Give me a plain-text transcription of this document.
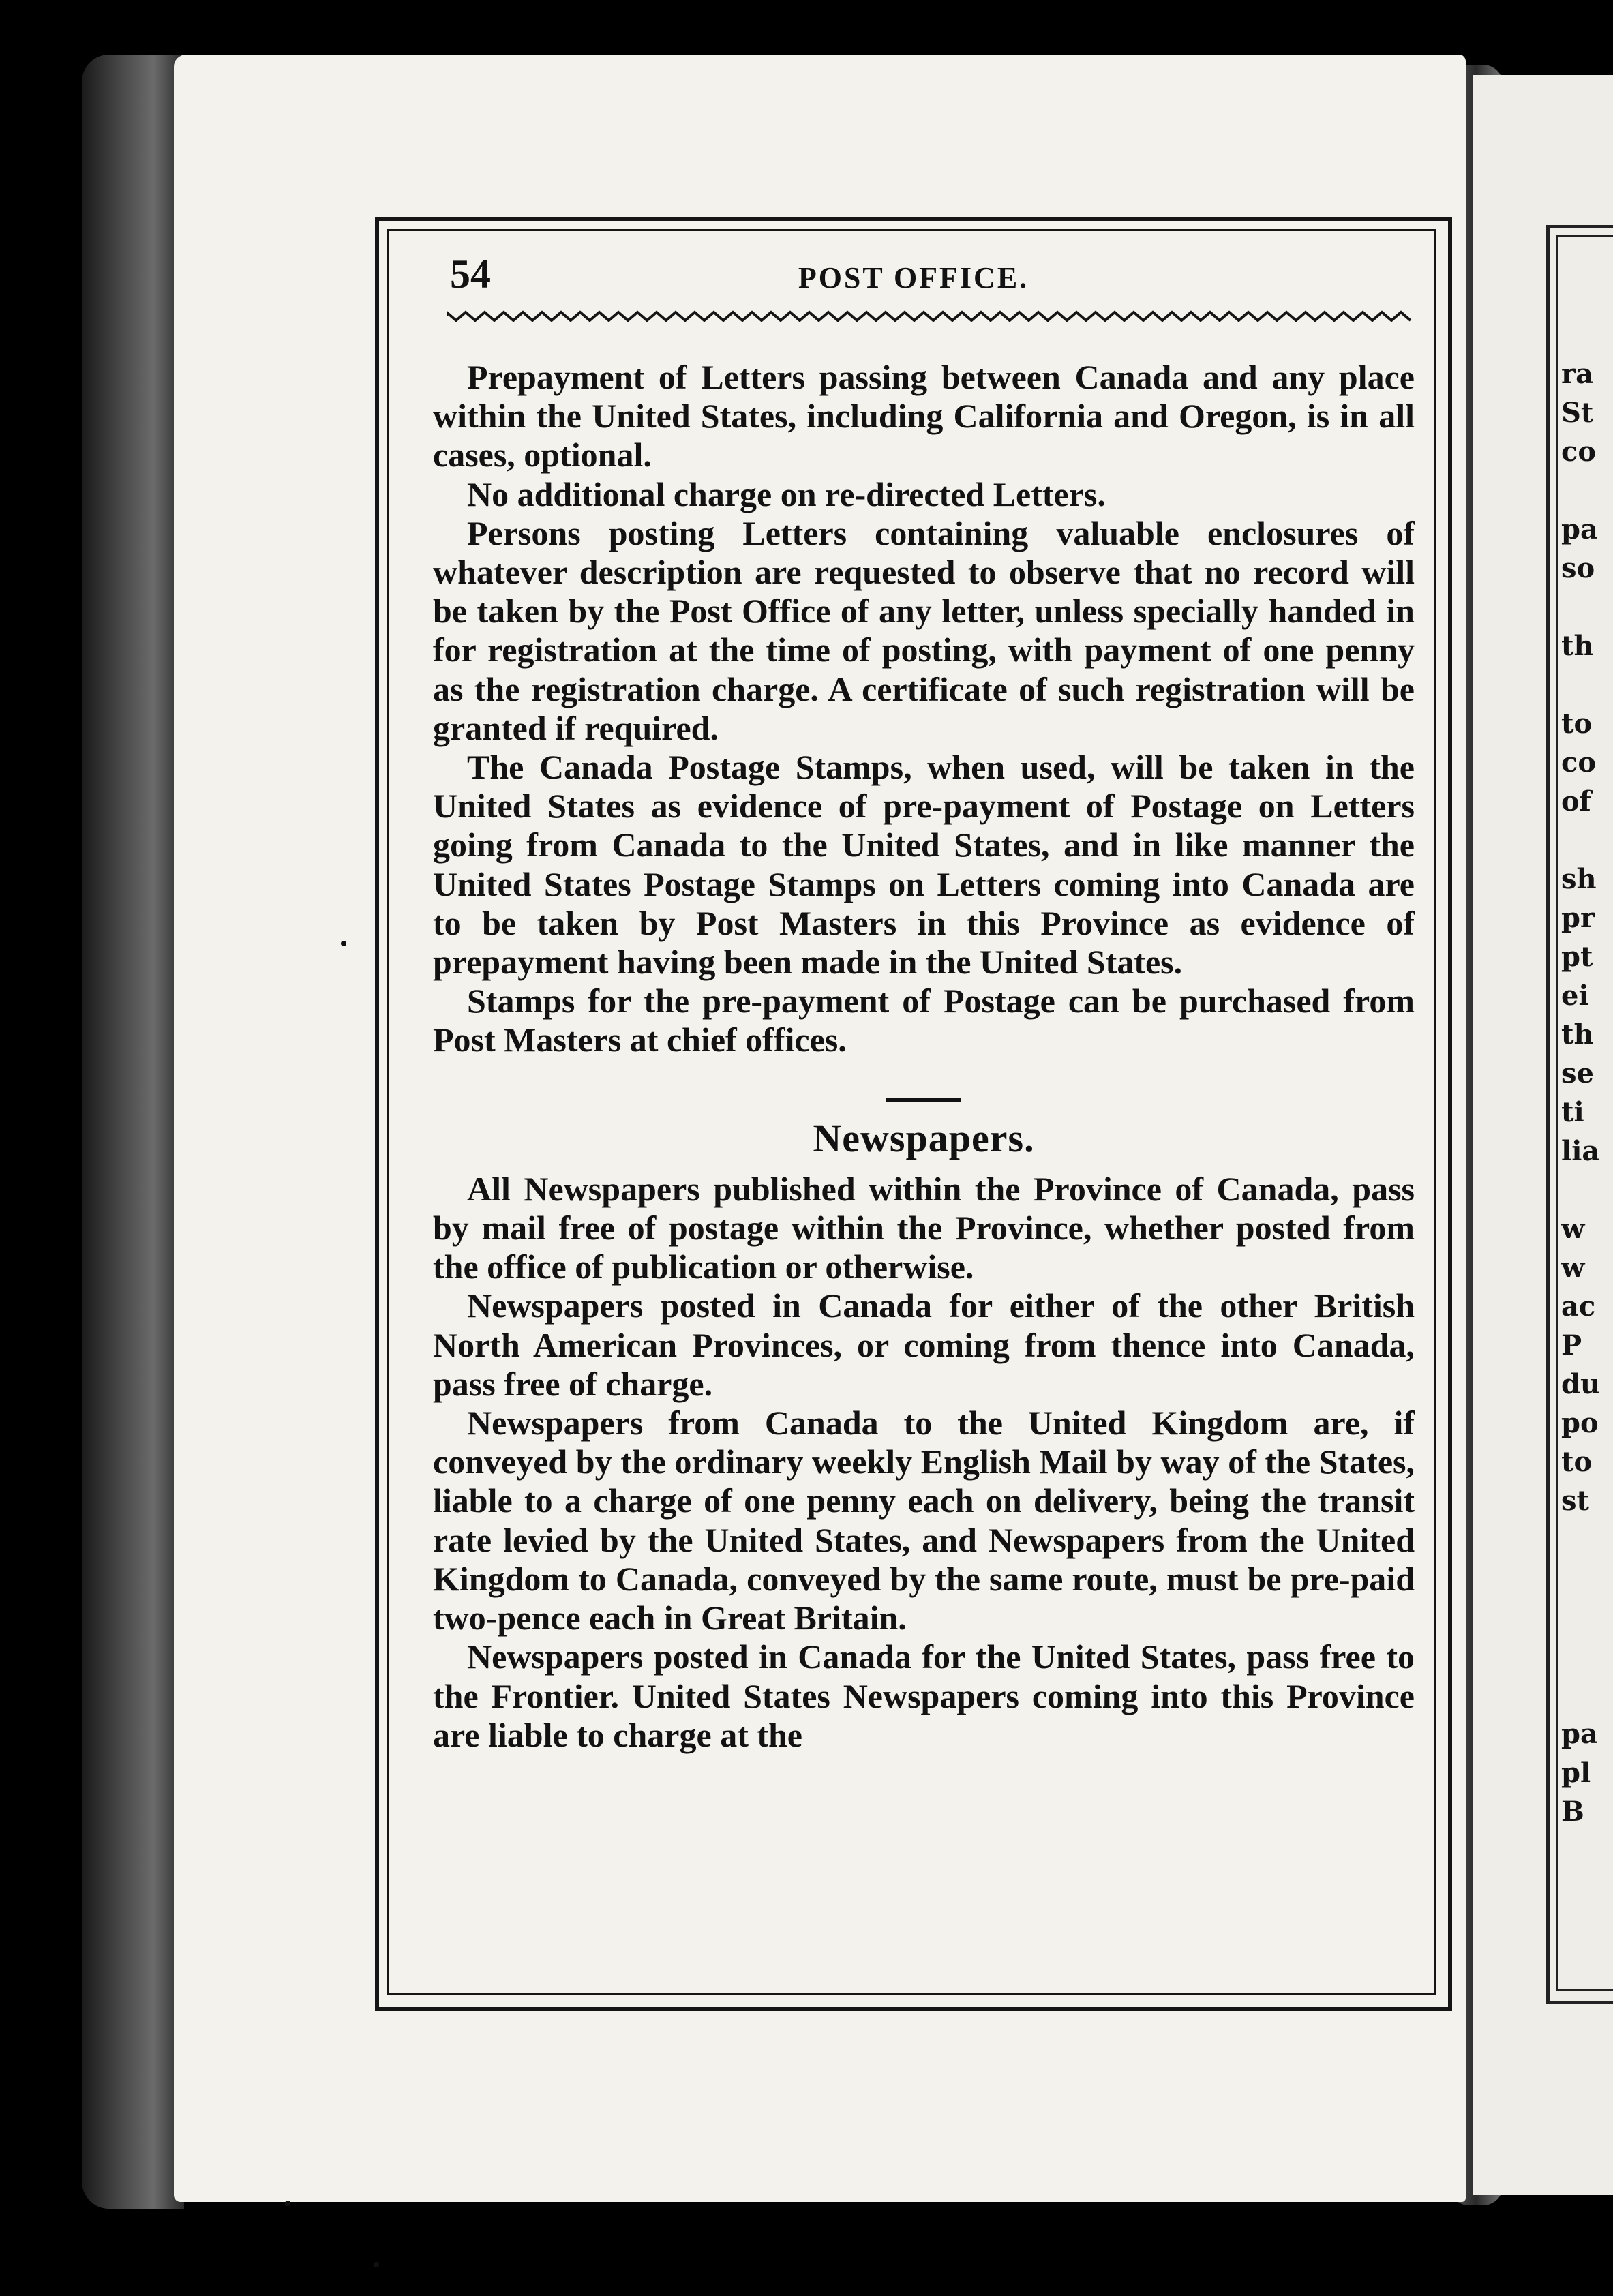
ra
St
co
pa
so
th
to
co
of
sh
pr
pt
ei
th
se
ti
lia
w
w
ac
P
du
po
to
st
pa
pl
B
54	POST OFFICE.

Prepayment of Letters passing between Canada and any place within the United States, including California and Oregon, is in all cases, optional.

No additional charge on re-directed Letters.

Persons posting Letters containing valuable enclosures of whatever description are requested to observe that no record will be taken by the Post Office of any letter, unless specially handed in for registration at the time of posting, with payment of one penny as the registration charge. A certificate of such registration will be granted if required.

The Canada Postage Stamps, when used, will be taken in the United States as evidence of pre-payment of Postage on Letters going from Canada to the United States, and in like manner the United States Postage Stamps on Letters coming into Canada are to be taken by Post Masters in this Province as evidence of prepayment having been made in the United States.

Stamps for the pre-payment of Postage can be purchased from Post Masters at chief offices.

Newspapers.

All Newspapers published within the Province of Canada, pass by mail free of postage within the Province, whether posted from the office of publication or otherwise.

Newspapers posted in Canada for either of the other British North American Provinces, or coming from thence into Canada, pass free of charge.

Newspapers from Canada to the United Kingdom are, if conveyed by the ordinary weekly English Mail by way of the States, liable to a charge of one penny each on delivery, being the transit rate levied by the United States, and Newspapers from the United Kingdom to Canada, conveyed by the same route, must be pre-paid two-pence each in Great Britain.

Newspapers posted in Canada for the United States, pass free to the Frontier. United States Newspapers coming into this Province are liable to charge at the
